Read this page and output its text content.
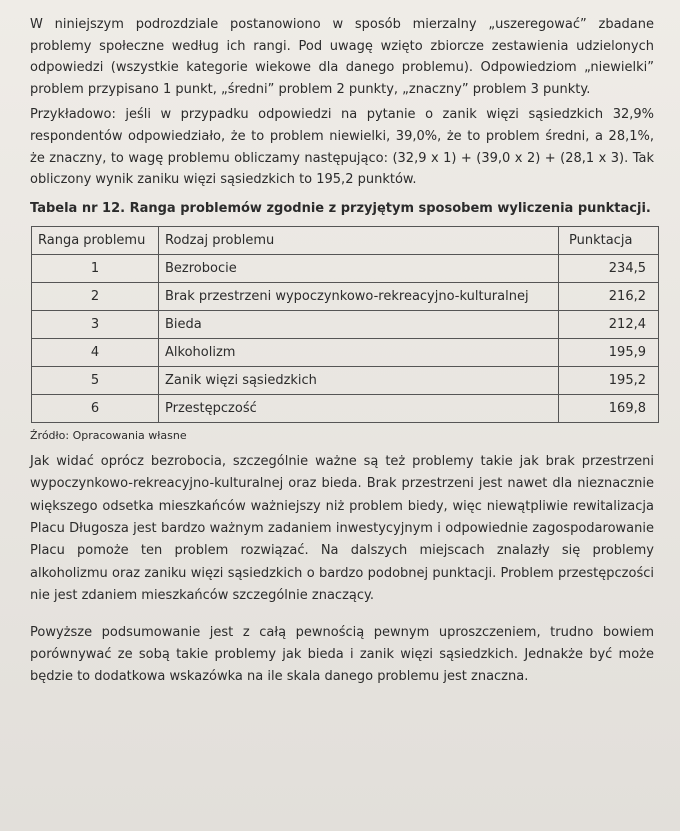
W niniejszym podrozdziale postanowiono w sposób mierzalny „uszeregować” zbadane problemy społeczne według ich rangi. Pod uwagę wzięto zbiorcze zestawienia udzielonych odpowiedzi (wszystkie kategorie wiekowe dla danego problemu). Odpowiedziom „niewielki” problem przypisano 1 punkt, „średni” problem 2 punkty, „znaczny” problem 3 punkty.

Przykładowo: jeśli w przypadku odpowiedzi na pytanie o zanik więzi sąsiedzkich 32,9% respondentów odpowiedziało, że to problem niewielki, 39,0%, że to problem średni, a 28,1%, że znaczny, to wagę problemu obliczamy następująco: (32,9 x 1) + (39,0 x 2) + (28,1 x 3). Tak obliczony wynik zaniku więzi sąsiedzkich to 195,2 punktów.

Tabela nr 12. Ranga problemów zgodnie z przyjętym sposobem wyliczenia punktacji.
Ranga problemu	Rodzaj problemu	Punktacja
1	Bezrobocie	234,5
2	Brak przestrzeni wypoczynkowo-rekreacyjno-kulturalnej	216,2
3	Bieda	212,4
4	Alkoholizm	195,9
5	Zanik więzi sąsiedzkich	195,2
6	Przestępczość	169,8
Źródło: Opracowania własne

Jak widać oprócz bezrobocia, szczególnie ważne są też problemy takie jak brak przestrzeni wypoczynkowo-rekreacyjno-kulturalnej oraz bieda. Brak przestrzeni jest nawet dla nieznacznie większego odsetka mieszkańców ważniejszy niż problem biedy, więc niewątpliwie rewitalizacja Placu Długosza jest bardzo ważnym zadaniem inwestycyjnym i odpowiednie zagospodarowanie Placu pomoże ten problem rozwiązać. Na dalszych miejscach znalazły się problemy alkoholizmu oraz zaniku więzi sąsiedzkich o bardzo podobnej punktacji. Problem przestępczości nie jest zdaniem mieszkańców szczególnie znaczący.

Powyższe podsumowanie jest z całą pewnością pewnym uproszczeniem, trudno bowiem porównywać ze sobą takie problemy jak bieda i zanik więzi sąsiedzkich. Jednakże być może będzie to dodatkowa wskazówka na ile skala danego problemu jest znaczna.
